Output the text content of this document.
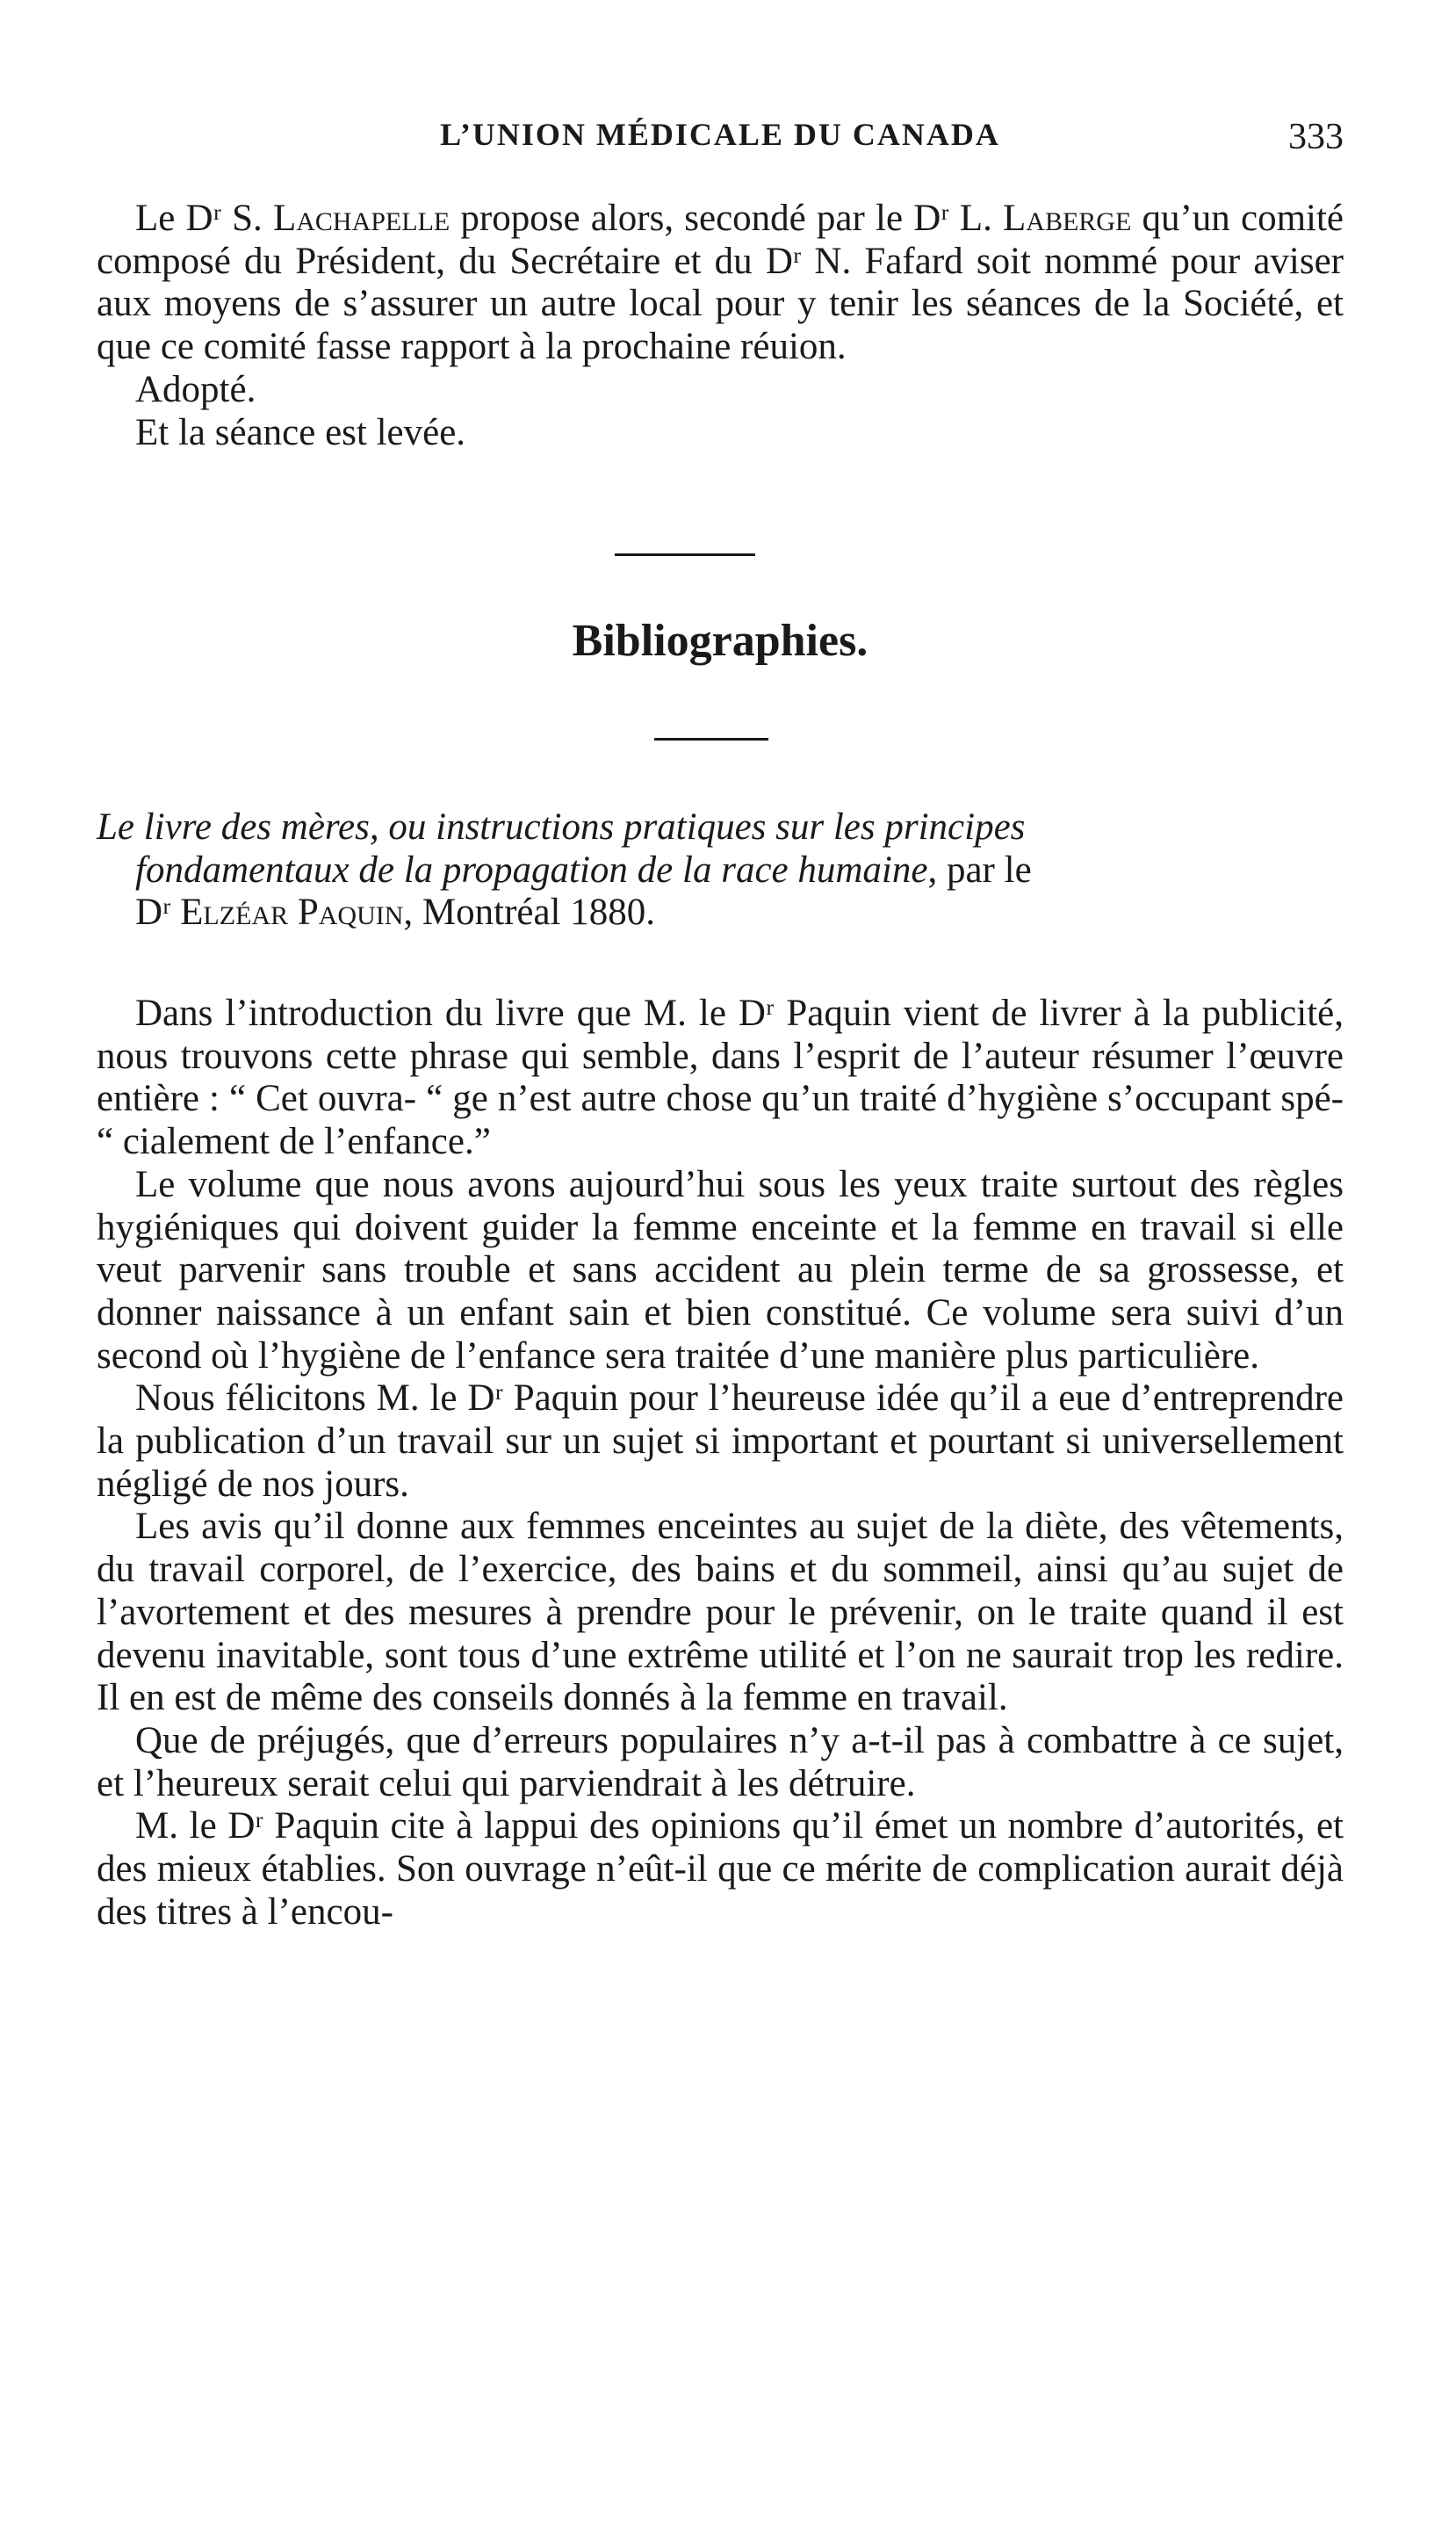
L’UNION MÉDICALE DU CANADA	333

Le Dʳ S. Lachapelle propose alors, secondé par le Dʳ L. Laberge qu’un comité composé du Président, du Secrétaire et du Dʳ N. Fafard soit nommé pour aviser aux moyens de s’assurer un autre local pour y tenir les séances de la Société, et que ce comité fasse rapport à la prochaine réuion.

Adopté.

Et la séance est levée.

Bibliographies.
Le livre des mères, ou instructions pratiques sur les principes
fondamentaux de la propagation de la race humaine, par le
Dʳ Elzéar Paquin, Montréal 1880.

Dans l’introduction du livre que M. le Dʳ Paquin vient de livrer à la publicité, nous trouvons cette phrase qui semble, dans l’esprit de l’auteur résumer l’œuvre entière : “ Cet ouvra- “ ge n’est autre chose qu’un traité d’hygiène s’occupant spé- “ cialement de l’enfance.”

Le volume que nous avons aujourd’hui sous les yeux traite surtout des règles hygiéniques qui doivent guider la femme enceinte et la femme en travail si elle veut parvenir sans trouble et sans accident au plein terme de sa grossesse, et donner naissance à un enfant sain et bien constitué. Ce volume sera suivi d’un second où l’hygiène de l’enfance sera traitée d’une manière plus particulière.

Nous félicitons M. le Dʳ Paquin pour l’heureuse idée qu’il a eue d’entreprendre la publication d’un travail sur un sujet si important et pourtant si universellement négligé de nos jours.

Les avis qu’il donne aux femmes enceintes au sujet de la diète, des vêtements, du travail corporel, de l’exercice, des bains et du sommeil, ainsi qu’au sujet de l’avortement et des mesures à prendre pour le prévenir, on le traite quand il est devenu inavitable, sont tous d’une extrême utilité et l’on ne saurait trop les redire. Il en est de même des conseils donnés à la femme en travail.

Que de préjugés, que d’erreurs populaires n’y a-t-il pas à combattre à ce sujet, et l’heureux serait celui qui parviendrait à les détruire.

M. le Dʳ Paquin cite à lappui des opinions qu’il émet un nombre d’autorités, et des mieux établies. Son ouvrage n’eût-il que ce mérite de complication aurait déjà des titres à l’encou-
